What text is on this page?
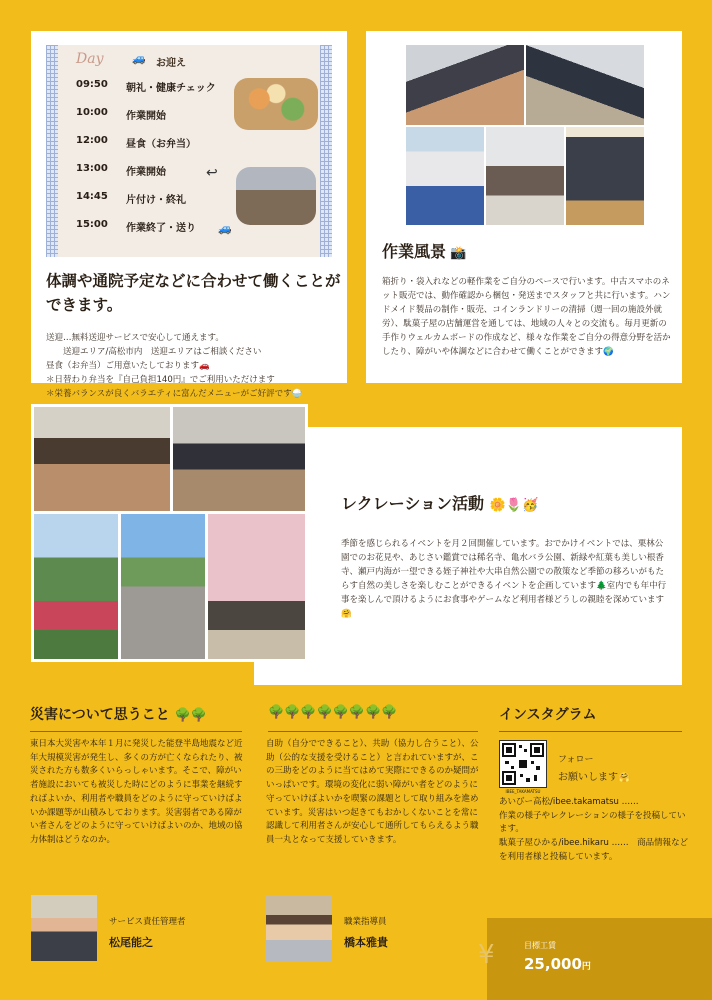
Day	🚙 お迎え
09:50	朝礼・健康チェック
10:00	作業開始
12:00	昼食（お弁当）
13:00	作業開始
14:45	片付け・終礼
15:00	作業終了・送り 🚙
↩
体調や通院予定などに合わせて働くことができます。
送迎…無料送迎サービスで安心して通えます。
　　送迎エリア/高松市内　送迎エリアはご相談ください
昼食（お弁当）ご用意いたしております🚗
＊日替わり弁当を『自己負担140円』でご利用いただけます
＊栄養バランスが良くバラエティに富んだメニューがご好評です🍚
作業風景 📸
箱折り・袋入れなどの軽作業をご自分のペースで行います。中古スマホのネット販売では、動作確認から梱包・発送までスタッフと共に行います。ハンドメイド製品の制作・販売、コインランドリーの清掃（週一回の施設外就労）、駄菓子屋の店舗運営を通しては、地域の人々との交流も。毎月更新の手作りウェルカムボードの作成など、様々な作業をご自分の得意分野を活かしたり、障がいや体調などに合わせて働くことができます🌍
レクレーション活動 🌼🌷🥳
季節を感じられるイベントを月２回開催しています。おでかけイベントでは、栗林公園でのお花見や、あじさい鑑賞では稀名寺、亀水バラ公園、新緑や紅葉も美しい根香寺、瀬戸内海が一望できる姪子神社や大串自然公園での散策など季節の移ろいがもたらす自然の美しさを楽しむことができるイベントを企画しています🌲室内でも年中行事を楽しんで頂けるようにお食事やゲームなど利用者様どうしの親睦を深めています🤗
災害について思うこと 🌳🌳
東日本大災害や本年１月に発災した能登半島地震など近年大規模災害が発生し、多くの方が亡くなられたり、被災された方も数多くいらっしゃいます。そこで、障がい者施設においても被災した時にどのように事業を継続すればよいか、利用者や職員をどのように守っていけばよいか課題等が山積みしております。災害弱者である障がい者さんをどのように守っていけばよいのか、地域の協力体制はどうなのか。
🌳🌳🌳🌳🌳🌳🌳🌳
自助（自分でできること）、共助（協力し合うこと）、公助（公的な支援を受けること）と言われていますが、この三助をどのように当てはめて実際にできるのか疑問がいっぱいです。環境の変化に弱い障がい者をどのように守っていけばよいかを喫緊の課題として取り組みを進めています。災害はいつ起きてもおかしくないことを常に認識して利用者さんが安心して通所してもらえるよう職員一丸となって支援していきます。
インスタグラム
IBEE_TAKAMATSU
フォロー
お願いします🤗
あいびー高松/ibee.takamatsu ……
作業の様子やレクレーションの様子を投稿しています。
駄菓子屋ひかる/ibee.hikaru ……　商品情報などを利用者様と投稿しています。
サービス責任管理者
松尾能之
職業指導員
橋本雅貴	¥	目標工賃
25,000円
